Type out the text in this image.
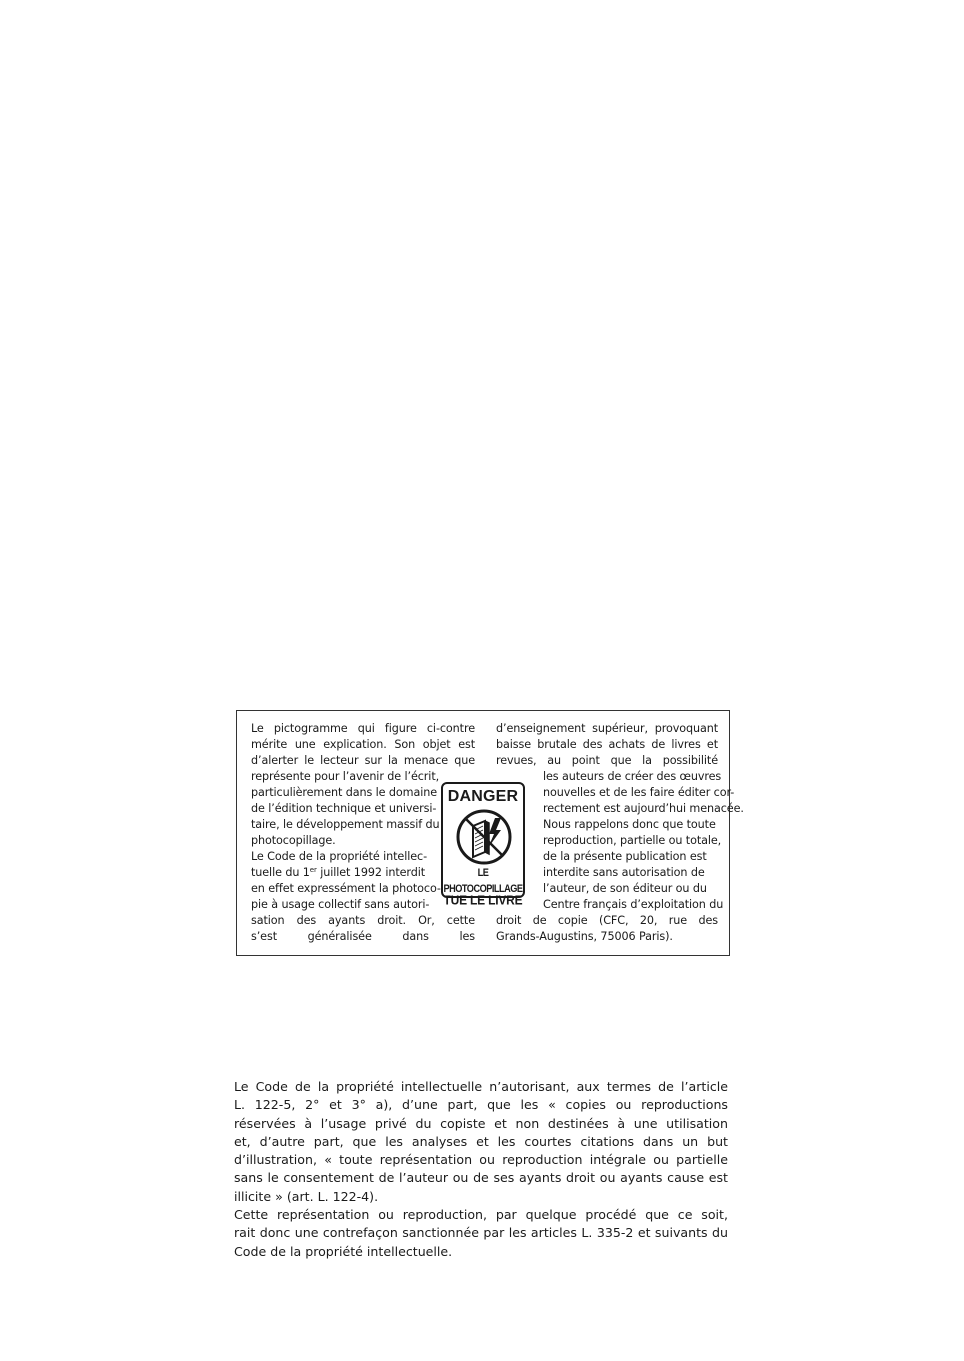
Le pictogramme qui figure ci-contre
mérite une explication. Son objet est
d’alerter le lecteur sur la menace que
représente pour l’avenir de l’écrit,
particulièrement dans le domaine
de l’édition technique et universi-
taire, le développement massif du
photocopillage.
Le Code de la propriété intellec-
tuelle du 1er juillet 1992 interdit
en effet expressément la photoco-
pie à usage collectif sans autori-
sation des ayants droit. Or, cette
s’est généralisée dans les
d’enseignement supérieur, provoquant
baisse brutale des achats de livres et
revues, au point que la possibilité
les auteurs de créer des œuvres
nouvelles et de les faire éditer cor-
rectement est aujourd’hui menacée.
Nous rappelons donc que toute
reproduction, partielle ou totale,
de la présente publication est
interdite sans autorisation de
l’auteur, de son éditeur ou du
Centre français d’exploitation du
droit de copie (CFC, 20, rue des
Grands-Augustins, 75006 Paris).
DANGER
LE PHOTOCOPILLAGE
TUE LE LIVRE
Le Code de la propriété intellectuelle n’autorisant, aux termes de l’article
L. 122-5, 2° et 3° a), d’une part, que les « copies ou reproductions
réservées à l’usage privé du copiste et non destinées à une utilisation
et, d’autre part, que les analyses et les courtes citations dans un but
d’illustration, « toute représentation ou reproduction intégrale ou partielle
sans le consentement de l’auteur ou de ses ayants droit ou ayants cause est
illicite » (art. L. 122-4).
Cette représentation ou reproduction, par quelque procédé que ce soit,
rait donc une contrefaçon sanctionnée par les articles L. 335-2 et suivants du
Code de la propriété intellectuelle.
